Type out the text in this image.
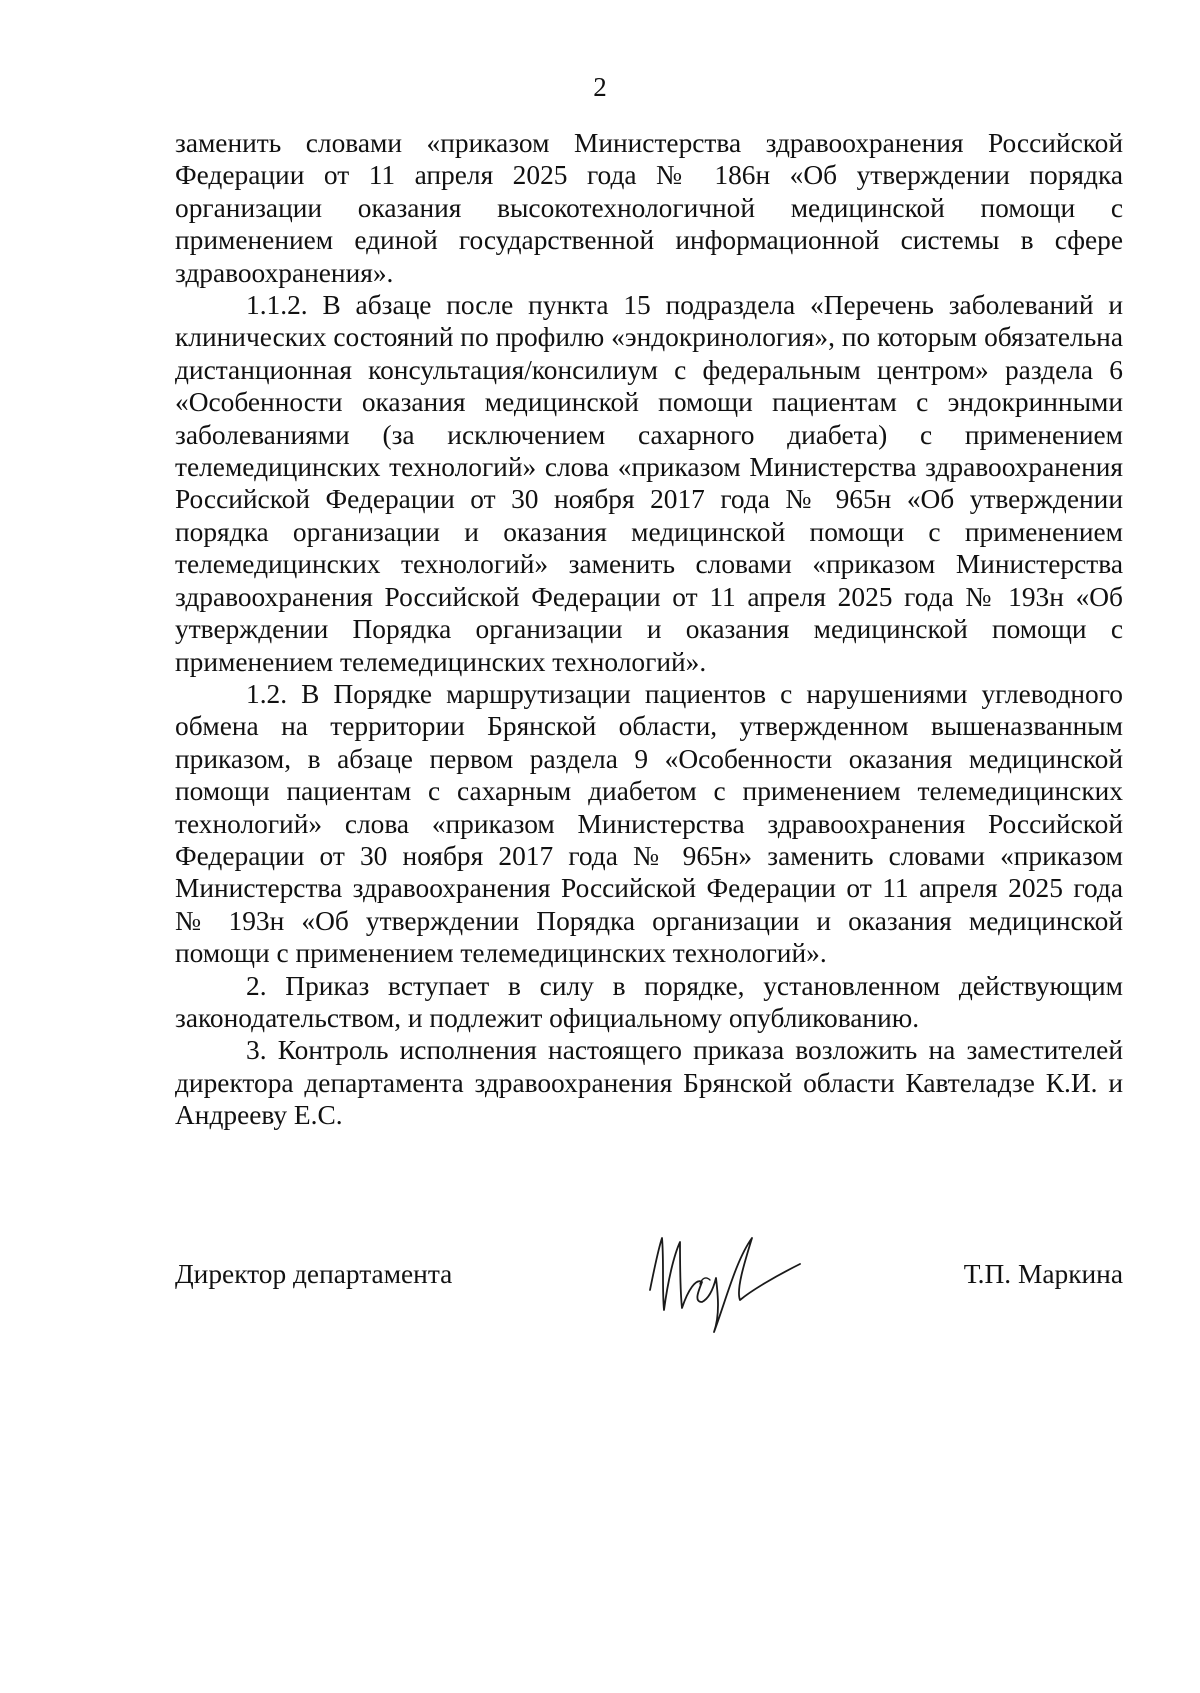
2

заменить словами «приказом Министерства здравоохранения Российской Федерации от 11 апреля 2025 года № 186н «Об утверждении порядка организации оказания высокотехнологичной медицинской помощи с применением единой государственной информационной системы в сфере здравоохранения».

1.1.2. В абзаце после пункта 15 подраздела «Перечень заболеваний и клинических состояний по профилю «эндокринология», по которым обязательна дистанционная консультация/консилиум с федеральным центром» раздела 6 «Особенности оказания медицинской помощи пациентам с эндокринными заболеваниями (за исключением сахарного диабета) с применением телемедицинских технологий» слова «приказом Министерства здравоохранения Российской Федерации от 30 ноября 2017 года № 965н «Об утверждении порядка организации и оказания медицинской помощи с применением телемедицинских технологий» заменить словами «приказом Министерства здравоохранения Российской Федерации от 11 апреля 2025 года № 193н «Об утверждении Порядка организации и оказания медицинской помощи с применением телемедицинских технологий».

1.2. В Порядке маршрутизации пациентов с нарушениями углеводного обмена на территории Брянской области, утвержденном вышеназванным приказом, в абзаце первом раздела 9 «Особенности оказания медицинской помощи пациентам с сахарным диабетом с применением телемедицинских технологий» слова «приказом Министерства здравоохранения Российской Федерации от 30 ноября 2017 года № 965н» заменить словами «приказом Министерства здравоохранения Российской Федерации от 11 апреля 2025 года № 193н «Об утверждении Порядка организации и оказания медицинской помощи с применением телемедицинских технологий».

2. Приказ вступает в силу в порядке, установленном действующим законодательством, и подлежит официальному опубликованию.

3. Контроль исполнения настоящего приказа возложить на заместителей директора департамента здравоохранения Брянской области Кавтеладзе К.И. и Андрееву Е.С.

Директор департамента	Т.П. Маркина
